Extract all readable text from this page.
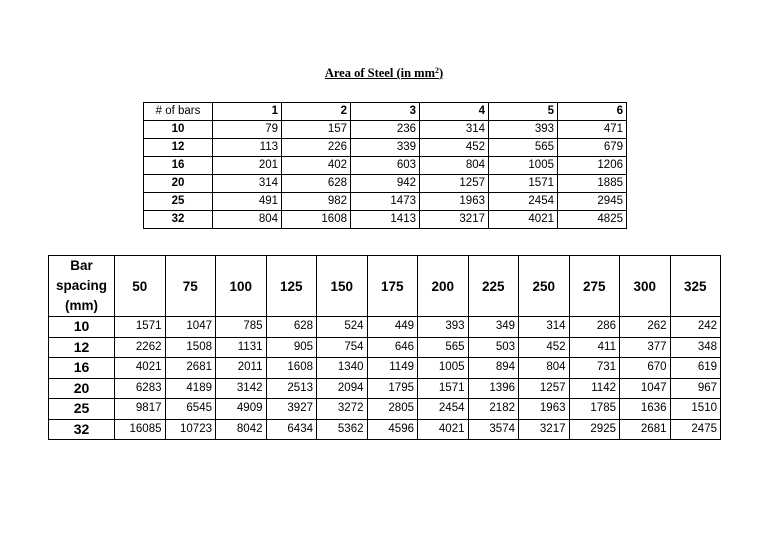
Area of Steel (in $mm^2$)
# of bars	1	2	3	4	5	6
10	79	157	236	314	393	471
12	113	226	339	452	565	679
16	201	402	603	804	1005	1206
20	314	628	942	1257	1571	1885
25	491	982	1473	1963	2454	2945
32	804	1608	1413	3217	4021	4825
Bar
spacing
(mm)	50	75	100	125	150	175	200	225	250	275	300	325
10	1571	1047	785	628	524	449	393	349	314	286	262	242
12	2262	1508	1131	905	754	646	565	503	452	411	377	348
16	4021	2681	2011	1608	1340	1149	1005	894	804	731	670	619
20	6283	4189	3142	2513	2094	1795	1571	1396	1257	1142	1047	967
25	9817	6545	4909	3927	3272	2805	2454	2182	1963	1785	1636	1510
32	16085	10723	8042	6434	5362	4596	4021	3574	3217	2925	2681	2475
